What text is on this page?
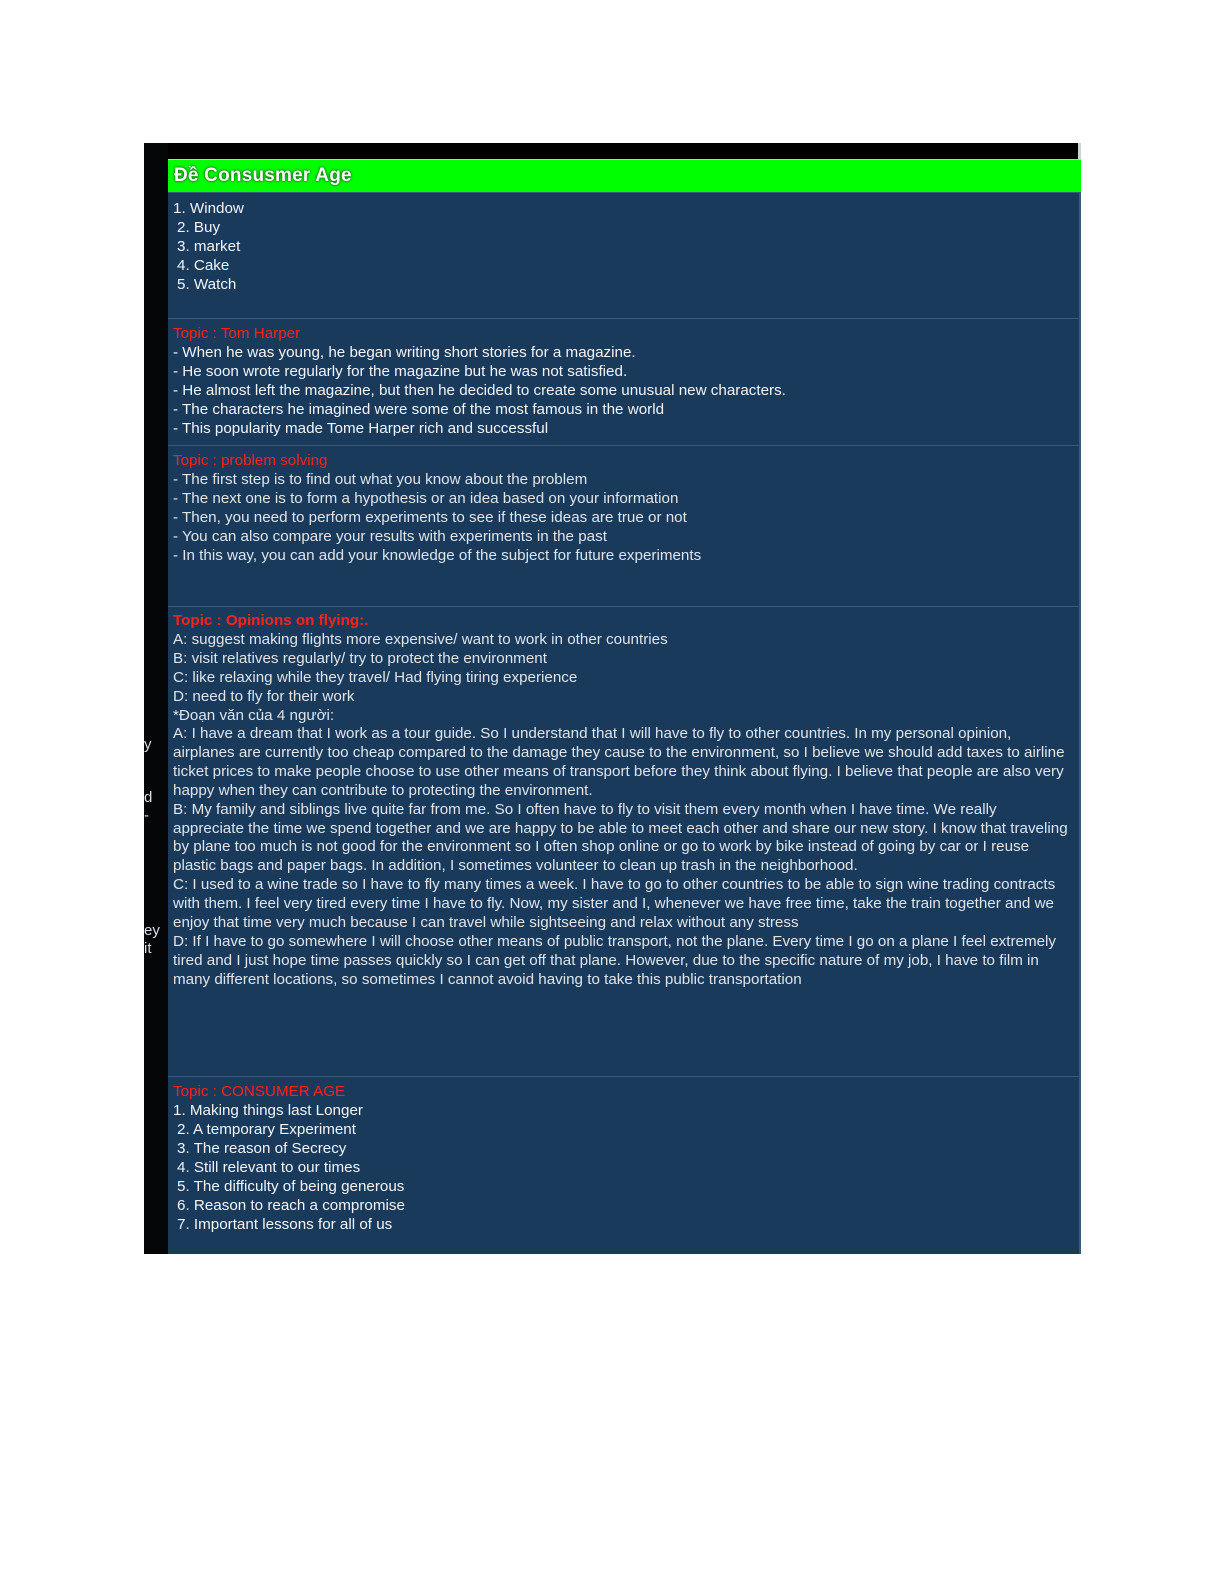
y
d
-
ey
it
Đề Consusmer Age
1. Window
2. Buy
3. market
4. Cake
5. Watch
Topic : Tom Harper
- When he was young, he began writing short stories for a magazine.
- He soon wrote regularly for the magazine but he was not satisfied.
- He almost left the magazine, but then he decided to create some unusual new characters.
- The characters he imagined were some of the most famous in the world
- This popularity made Tome Harper rich and successful
Topic : problem solving
- The first step is to find out what you know about the problem
- The next one is to form a hypothesis or an idea based on your information
- Then, you need to perform experiments to see if these ideas are true or not
- You can also compare your results with experiments in the past
- In this way, you can add your knowledge of the subject for future experiments
Topic : Opinions on flying:.
A: suggest making flights more expensive/ want to work in other countries
B: visit relatives regularly/ try to protect the environment
C: like relaxing while they travel/ Had flying tiring experience
D: need to fly for their work
*Đoạn văn của 4 người:
A: I have a dream that I work as a tour guide. So I understand that I will have to fly to other countries. In my personal opinion, airplanes are currently too cheap compared to the damage they cause to the environment, so I believe we should add taxes to airline ticket prices to make people choose to use other means of transport before they think about flying. I believe that people are also very happy when they can contribute to protecting the environment.
B: My family and siblings live quite far from me. So I often have to fly to visit them every month when I have time. We really appreciate the time we spend together and we are happy to be able to meet each other and share our new story. I know that traveling by plane too much is not good for the environment so I often shop online or go to work by bike instead of going by car or I reuse plastic bags and paper bags. In addition, I sometimes volunteer to clean up trash in the neighborhood.
C: I used to a wine trade so I have to fly many times a week. I have to go to other countries to be able to sign wine trading contracts with them. I feel very tired every time I have to fly. Now, my sister and I, whenever we have free time, take the train together and we enjoy that time very much because I can travel while sightseeing and relax without any stress
D: If I have to go somewhere I will choose other means of public transport, not the plane. Every time I go on a plane I feel extremely tired and I just hope time passes quickly so I can get off that plane. However, due to the specific nature of my job, I have to film in many different locations, so sometimes I cannot avoid having to take this public transportation
Topic : CONSUMER AGE
1. Making things last Longer
2. A temporary Experiment
3. The reason of Secrecy
4. Still relevant to our times
5. The difficulty of being generous
6. Reason to reach a compromise
7. Important lessons for all of us
